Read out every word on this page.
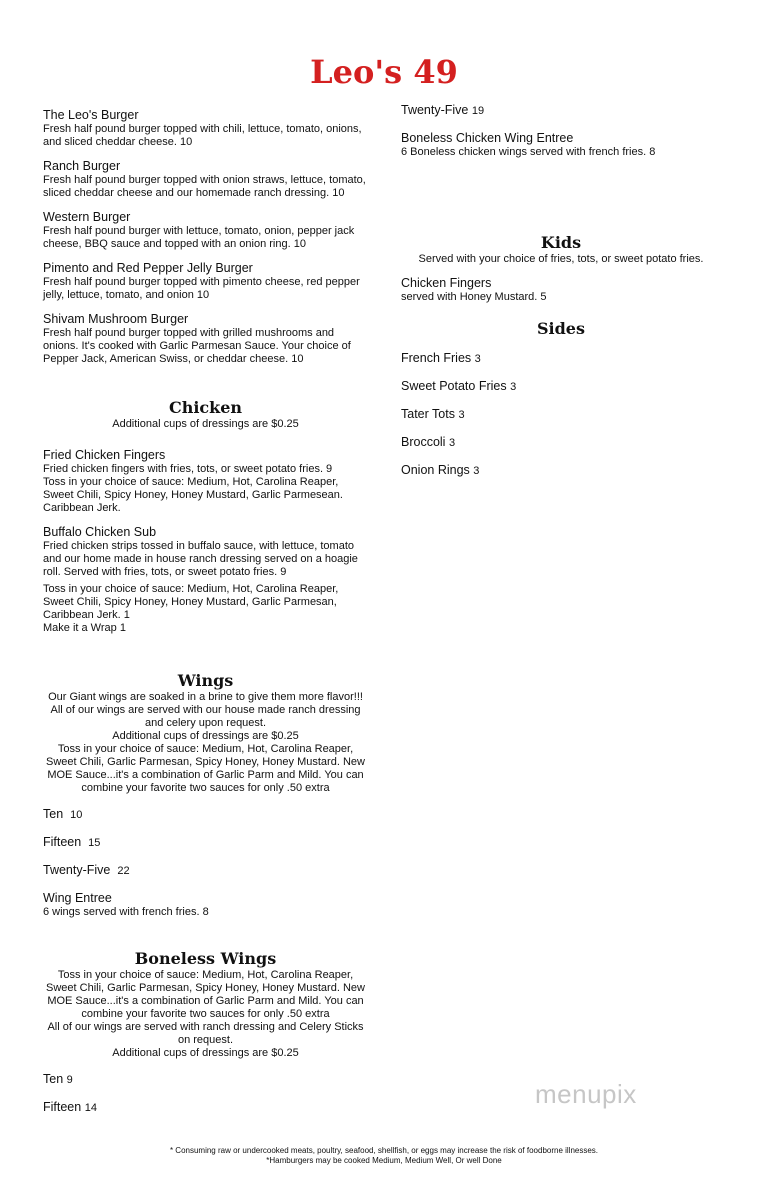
Leo's 49
The Leo's Burger
Fresh half pound burger topped with chili, lettuce, tomato, onions, and sliced cheddar cheese. 10
Ranch Burger
Fresh half pound burger topped with onion straws, lettuce, tomato, sliced cheddar cheese and our homemade ranch dressing. 10
Western Burger
Fresh half pound burger with lettuce, tomato, onion, pepper jack cheese, BBQ sauce and topped with an onion ring. 10
Pimento and Red Pepper Jelly Burger
Fresh half pound burger topped with pimento cheese, red pepper jelly, lettuce, tomato, and onion 10
Shivam Mushroom Burger
Fresh half pound burger topped with grilled mushrooms and onions. It's cooked with Garlic Parmesan Sauce. Your choice of Pepper Jack, American Swiss, or cheddar cheese. 10
Chicken
Additional cups of dressings are $0.25
Fried Chicken Fingers
Fried chicken fingers with fries, tots, or sweet potato fries. 9
Toss in your choice of sauce: Medium, Hot, Carolina Reaper, Sweet Chili, Spicy Honey, Honey Mustard, Garlic Parmesean. Caribbean Jerk.
Buffalo Chicken Sub
Fried chicken strips tossed in buffalo sauce, with lettuce, tomato and our home made in house ranch dressing served on a hoagie roll. Served with fries, tots, or sweet potato fries. 9
Toss in your choice of sauce: Medium, Hot, Carolina Reaper, Sweet Chili, Spicy Honey, Honey Mustard, Garlic Parmesan, Caribbean Jerk. 1
Make it a Wrap 1
Wings
Our Giant wings are soaked in a brine to give them more flavor!!!
All of our wings are served with our house made ranch dressing and celery upon request.
Additional cups of dressings are $0.25
Toss in your choice of sauce: Medium, Hot, Carolina Reaper, Sweet Chili, Garlic Parmesan, Spicy Honey, Honey Mustard. New MOE Sauce...it's a combination of Garlic Parm and Mild. You can combine your favorite two sauces for only .50 extra
Ten 10
Fifteen 15
Twenty-Five 22
Wing Entree
6 wings served with french fries. 8
Boneless Wings
Toss in your choice of sauce: Medium, Hot, Carolina Reaper, Sweet Chili, Garlic Parmesan, Spicy Honey, Honey Mustard. New MOE Sauce...it's a combination of Garlic Parm and Mild. You can combine your favorite two sauces for only .50 extra
All of our wings are served with ranch dressing and Celery Sticks on request.
Additional cups of dressings are $0.25
Ten 9
Fifteen 14
Twenty-Five 19
Boneless Chicken Wing Entree
6 Boneless chicken wings served with french fries. 8
Kids
Served with your choice of fries, tots, or sweet potato fries.
Chicken Fingers
served with Honey Mustard. 5
Sides
French Fries 3
Sweet Potato Fries 3
Tater Tots 3
Broccoli 3
Onion Rings 3
menupix
* Consuming raw or undercooked meats, poultry, seafood, shellfish, or eggs may increase the risk of foodborne illnesses.
*Hamburgers may be cooked Medium, Medium Well, Or well Done
